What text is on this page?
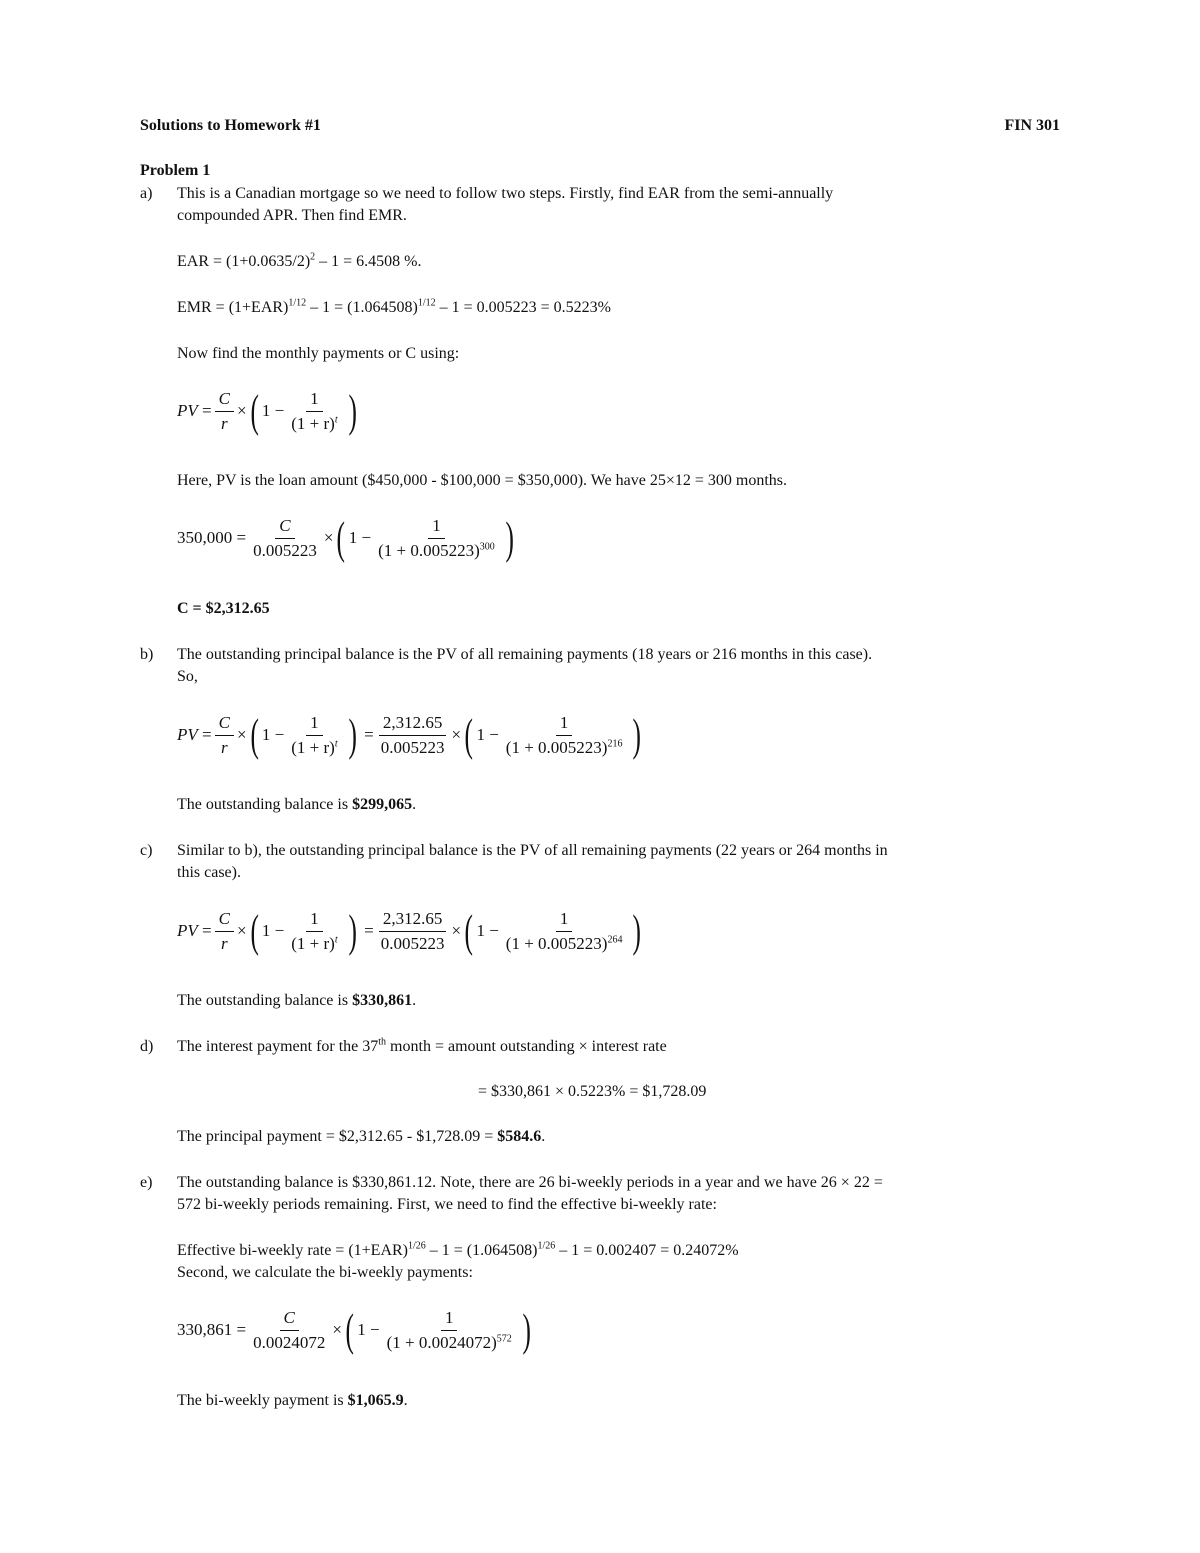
Solutions to Homework #1	FIN 301
Problem 1
a) This is a Canadian mortgage so we need to follow two steps. Firstly, find EAR from the semi-annually
compounded APR. Then find EMR.
EAR = $(1+0.0635/2)^2 - 1 = 6.4508$ %.
EMR = $(1+EAR)^{1/12} - 1 = (1.064508)^{1/12} - 1 = 0.005223 = 0.5223\%$
Now find the monthly payments or C using:
PV
= $\frac{C}{r}$ × ( $1 - \frac{1}{(1 + r)^t}$ )
Here, PV is the loan amount ($450,000 - $100,000 = $350,000). We have 25×12 = 300 months.
$350,000 = \frac{C}{0.005223}$ × ( $1 - \frac{1}{(1 + 0.005223)^{300}}$ )
C = $2,312.65
b) The outstanding principal balance is the PV of all remaining payments (18 years or 216 months in this case).
So,
PV
= $\frac{C}{r}$ × ( $1 - \frac{1}{(1 + r)^t}$ )
= $\frac{2,312.65}{0.005223}$ × ( $1 - \frac{1}{(1 + 0.005223)^{216}}$ )
The outstanding balance is $299,065.
c) Similar to b), the outstanding principal balance is the PV of all remaining payments (22 years or 264 months in
this case).
PV
= $\frac{C}{r}$ × ( $1 - \frac{1}{(1 + r)^t}$ )
= $\frac{2,312.65}{0.005223}$ × ( $1 - \frac{1}{(1 + 0.005223)^{264}}$ )
The outstanding balance is $330,861.
d) The interest payment for the 37th month = amount outstanding × interest rate
= $330,861 × 0.5223% = $1,728.09
The principal payment = $2,312.65 - $1,728.09 = $584.6.
e) The outstanding balance is $330,861.12. Note, there are 26 bi-weekly periods in a year and we have 26 × 22 =
572 bi-weekly periods remaining. First, we need to find the effective bi-weekly rate:
Effective bi-weekly rate = $(1+EAR)^{1/26} - 1 = (1.064508)^{1/26} - 1 = 0.002407 = 0.24072\%$
Second, we calculate the bi-weekly payments:
$330,861 = \frac{C}{0.0024072}$ × ( $1 - \frac{1}{(1 + 0.0024072)^{572}}$ )
The bi-weekly payment is $1,065.9.
